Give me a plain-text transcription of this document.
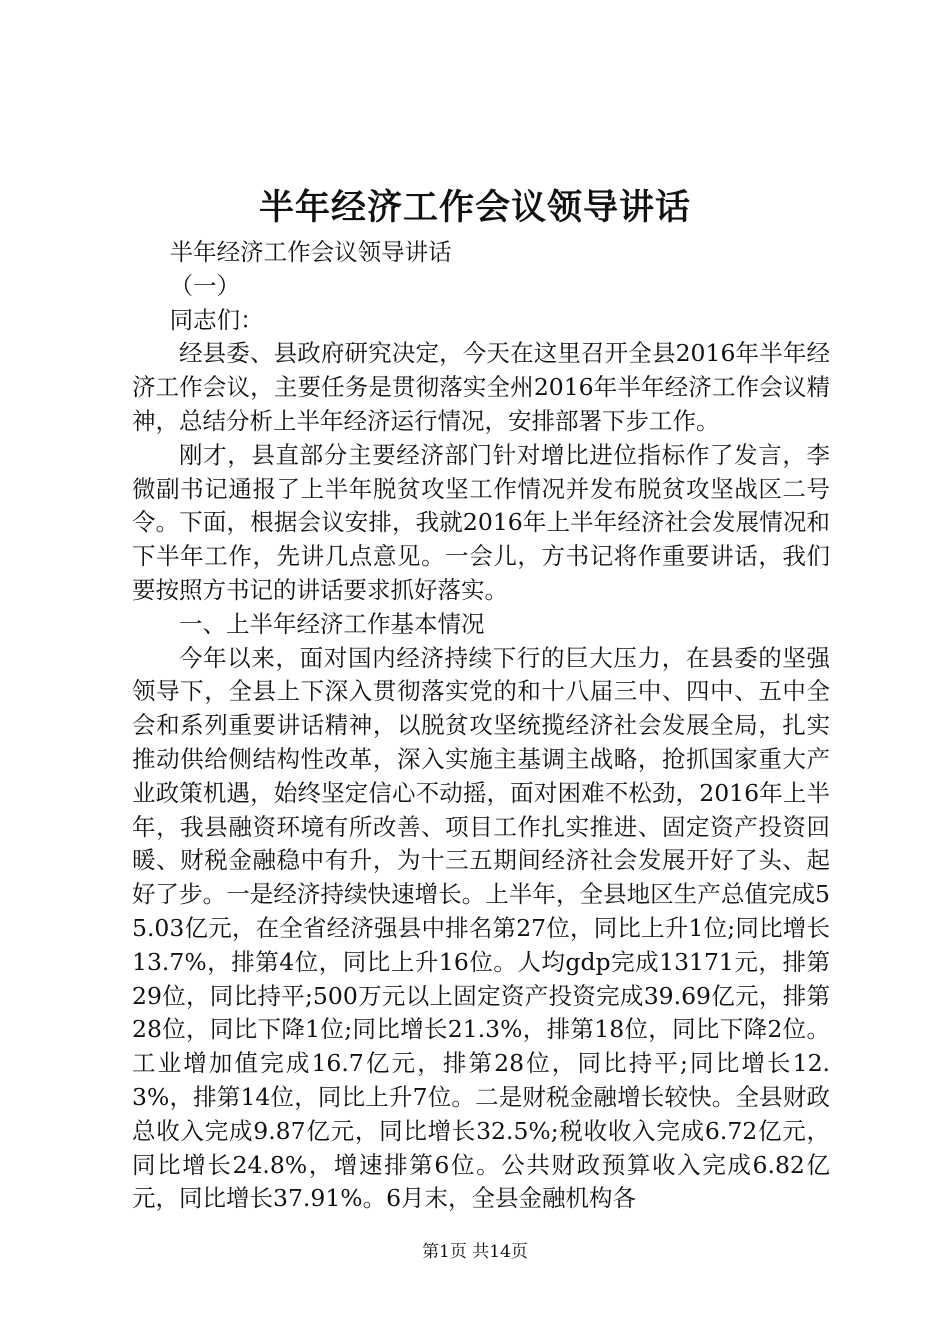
半年经济工作会议领导讲话

半年经济工作会议领导讲话

（一）

同志们：

经县委、县政府研究决定，今天在这里召开全县2016年半年经济工作会议，主要任务是贯彻落实全州2016年半年经济工作会议精神，总结分析上半年经济运行情况，安排部署下步工作。

刚才，县直部分主要经济部门针对增比进位指标作了发言，李微副书记通报了上半年脱贫攻坚工作情况并发布脱贫攻坚战区二号令。下面，根据会议安排，我就2016年上半年经济社会发展情况和下半年工作，先讲几点意见。一会儿，方书记将作重要讲话，我们要按照方书记的讲话要求抓好落实。

一、上半年经济工作基本情况

今年以来，面对国内经济持续下行的巨大压力，在县委的坚强领导下，全县上下深入贯彻落实党的和十八届三中、四中、五中全会和系列重要讲话精神，以脱贫攻坚统揽经济社会发展全局，扎实推动供给侧结构性改革，深入实施主基调主战略，抢抓国家重大产业政策机遇，始终坚定信心不动摇，面对困难不松劲，2016年上半年，我县融资环境有所改善、项目工作扎实推进、固定资产投资回暖、财税金融稳中有升，为十三五期间经济社会发展开好了头、起好了步。一是经济持续快速增长。上半年，全县地区生产总值完成55.03亿元，在全省经济强县中排名第27位，同比上升1位;同比增长13.7%，排第4位，同比上升16位。人均gdp完成13171元，排第29位，同比持平;500万元以上固定资产投资完成39.69亿元，排第28位，同比下降1位;同比增长21.3%，排第18位，同比下降2位。工业增加值完成16.7亿元，排第28位，同比持平;同比增长12.3%，排第14位，同比上升7位。二是财税金融增长较快。全县财政总收入完成9.87亿元，同比增长32.5%;税收收入完成6.72亿元，同比增长24.8%，增速排第6位。公共财政预算收入完成6.82亿元，同比增长37.91%。6月末，全县金融机构各

第1页 共14页
